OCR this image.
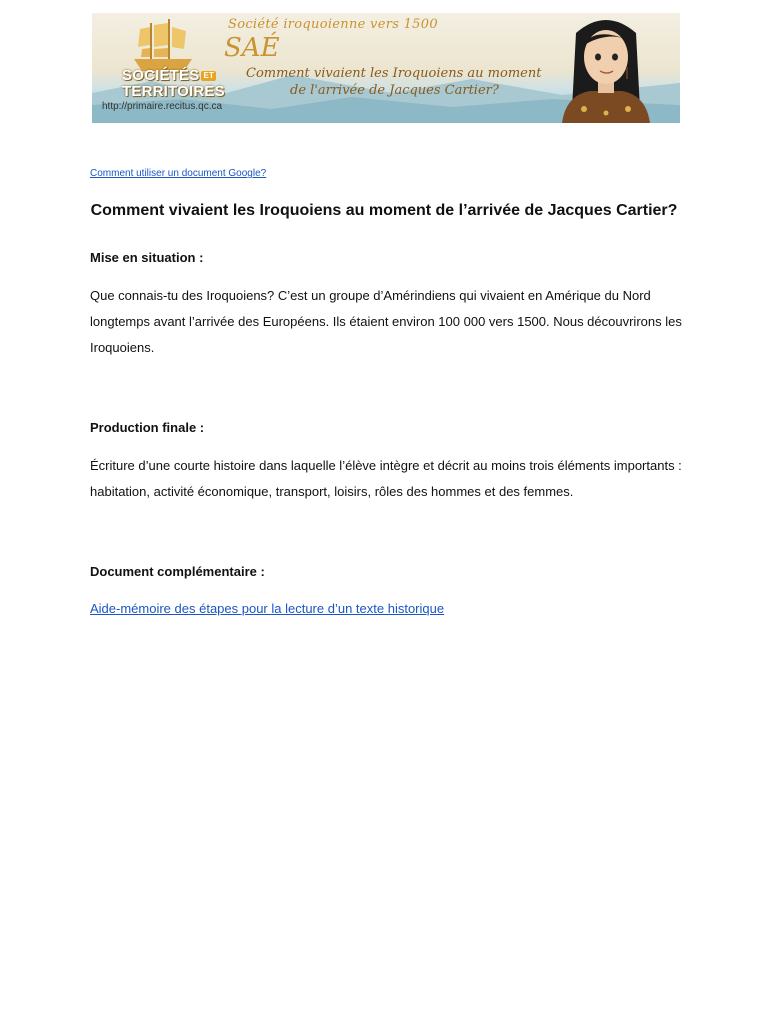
SOCIÉTÉS ET
TERRITOIRES
http://primaire.recitus.qc.ca
Société iroquoienne vers 1500
SAÉ
Comment vivaient les Iroquoiens au moment
de l'arrivée de Jacques Cartier?
Comment utiliser un document Google?
Comment vivaient les Iroquoiens au moment de l’arrivée de Jacques Cartier?

Mise en situation :

Que connais-tu des Iroquoiens? C’est un groupe d’Amérindiens qui vivaient en Amérique du Nord longtemps avant l’arrivée des Européens. Ils étaient environ 100 000 vers 1500. Nous découvrirons les Iroquoiens.

Production finale :

Écriture d’une courte histoire dans laquelle l’élève intègre et décrit au moins trois éléments importants : habitation, activité économique, transport, loisirs, rôles des hommes et des femmes.

Document complémentaire :

Aide-mémoire des étapes pour la lecture d’un texte historique
